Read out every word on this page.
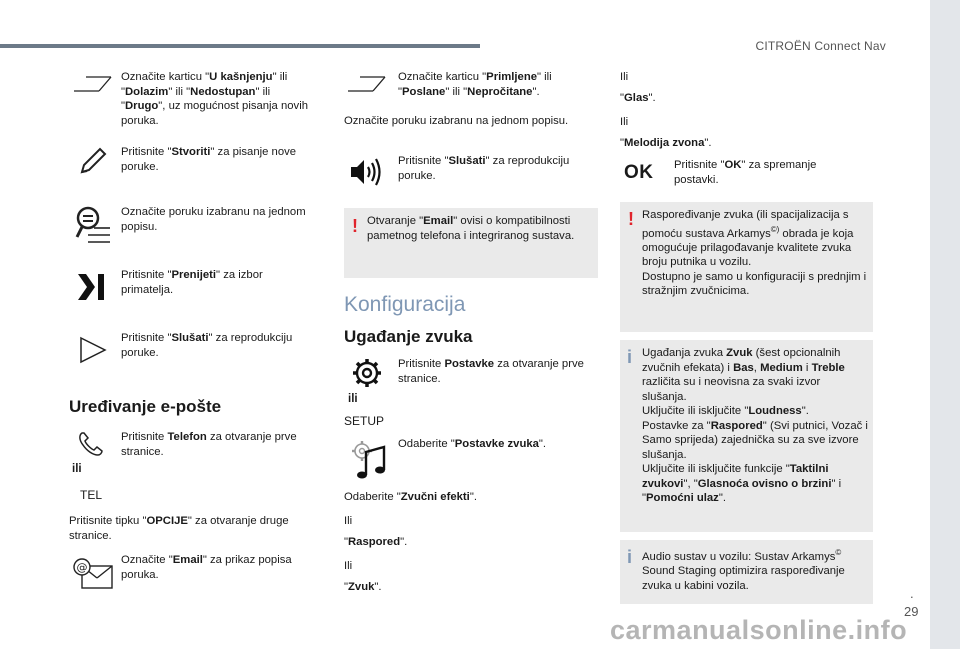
CITROËN Connect Nav
.
29
carmanualsonline.info
Označite karticu "U kašnjenju" ili "Dolazim" ili "Nedostupan" ili "Drugo", uz mogućnost pisanja novih poruka.
Pritisnite "Stvoriti" za pisanje nove poruke.
Označite poruku izabranu na jednom popisu.
Pritisnite "Prenijeti" za izbor primatelja.
Pritisnite "Slušati" za reprodukciju poruke.
Uređivanje e-pošte
ili
TEL
Pritisnite Telefon za otvaranje prve stranice.
Pritisnite tipku "OPCIJE" za otvaranje druge stranice.
@
Označite "Email" za prikaz popisa poruka.
Označite karticu "Primljene" ili "Poslane" ili "Nepročitane".
Označite poruku izabranu na jednom popisu.
Pritisnite "Slušati" za reprodukciju poruke.
! Otvaranje "Email" ovisi o kompatibilnosti pametnog telefona i integriranog sustava.
Konfiguracija
Ugađanje zvuka
ili
SETUP
Pritisnite Postavke za otvaranje prve stranice.
Odaberite "Postavke zvuka".
Odaberite "Zvučni efekti".
Ili
"Raspored".
Ili
"Zvuk".
Ili
"Glas".
Ili
"Melodija zvona".
OK Pritisnite "OK" za spremanje postavki.
! Raspoređivanje zvuka (ili spacijalizacija s pomoću sustava Arkamys©) obrada je koja omogućuje prilagođavanje kvalitete zvuka broju putnika u vozilu.
Dostupno je samo u konfiguraciji s prednjim i stražnjim zvučnicima.
i Ugađanja zvuka Zvuk (šest opcionalnih zvučnih efekata) i Bas, Medium i Treble različita su i neovisna za svaki izvor slušanja.
Uključite ili isključite "Loudness".
Postavke za "Raspored" (Svi putnici, Vozač i Samo sprijeda) zajednička su za sve izvore slušanja.
Uključite ili isključite funkcije "Taktilni zvukovi", "Glasnoća ovisno o brzini" i "Pomoćni ulaz".
i Audio sustav u vozilu: Sustav Arkamys© Sound Staging optimizira raspoređivanje zvuka u kabini vozila.
